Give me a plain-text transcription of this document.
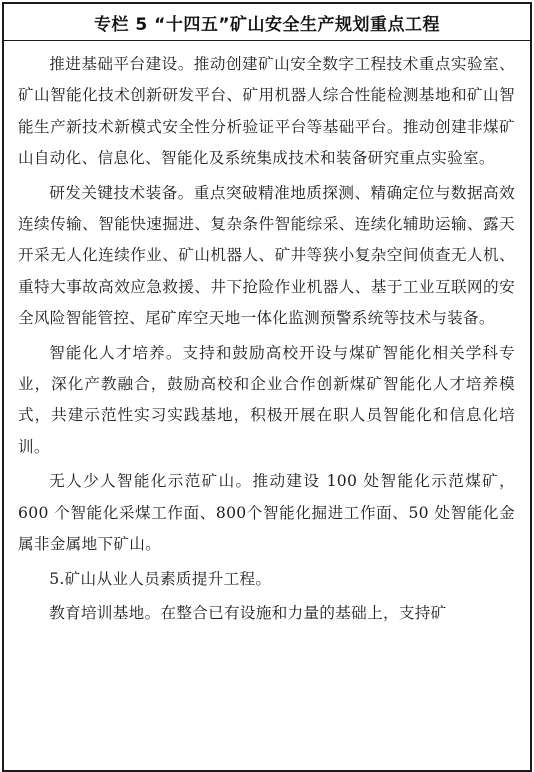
专栏 5 “十四五”矿山安全生产规划重点工程

推进基础平台建设。推动创建矿山安全数字工程技术重点实验室、矿山智能化技术创新研发平台、矿用机器人综合性能检测基地和矿山智能生产新技术新模式安全性分析验证平台等基础平台。推动创建非煤矿山自动化、信息化、智能化及系统集成技术和装备研究重点实验室。

研发关键技术装备。重点突破精准地质探测、精确定位与数据高效连续传输、智能快速掘进、复杂条件智能综采、连续化辅助运输、露天开采无人化连续作业、矿山机器人、矿井等狭小复杂空间侦查无人机、重特大事故高效应急救援、井下抢险作业机器人、基于工业互联网的安全风险智能管控、尾矿库空天地一体化监测预警系统等技术与装备。

智能化人才培养。支持和鼓励高校开设与煤矿智能化相关学科专业，深化产教融合，鼓励高校和企业合作创新煤矿智能化人才培养模式，共建示范性实习实践基地，积极开展在职人员智能化和信息化培训。

无人少人智能化示范矿山。推动建设 100 处智能化示范煤矿，600 个智能化采煤工作面、800个智能化掘进工作面、50 处智能化金属非金属地下矿山。

5.矿山从业人员素质提升工程。

教育培训基地。在整合已有设施和力量的基础上，支持矿
